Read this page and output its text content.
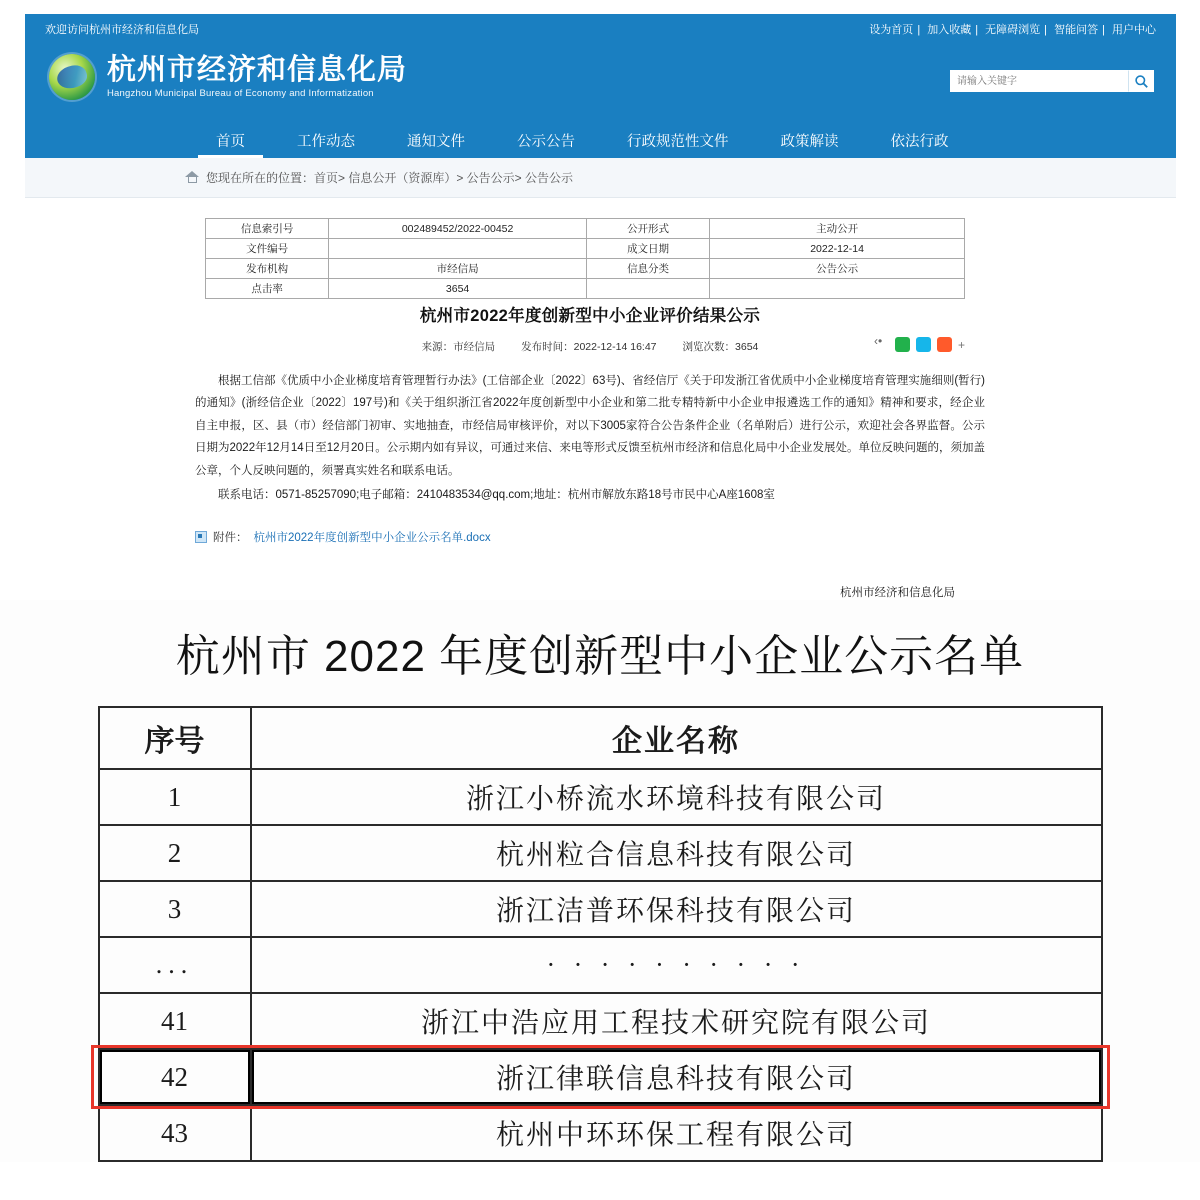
欢迎访问杭州市经济和信息化局	设为首页 | 加入收藏 | 无障碍浏览 | 智能问答 | 用户中心
杭州市经济和信息化局
Hangzhou Municipal Bureau of Economy and Informatization
请输入关键字
首页	工作动态	通知文件	公示公告	行政规范性文件	政策解读	依法行政
您现在所在的位置：首页> 信息公开（资源库）> 公告公示> 公告公示
信息索引号	002489452/2022-00452	公开形式	主动公开
文件编号		成文日期	2022-12-14
发布机构	市经信局	信息分类	公告公示
点击率	3654		
杭州市2022年度创新型中小企业评价结果公示
来源：市经信局 发布时间：2022-12-14 16:47 浏览次数：3654 ‹•	+

根据工信部《优质中小企业梯度培育管理暂行办法》(工信部企业〔2022〕63号)、省经信厅《关于印发浙江省优质中小企业梯度培育管理实施细则(暂行)的通知》(浙经信企业〔2022〕197号)和《关于组织浙江省2022年度创新型中小企业和第二批专精特新中小企业申报遴选工作的通知》精神和要求，经企业自主申报，区、县（市）经信部门初审、实地抽查，市经信局审核评价，对以下3005家符合公告条件企业（名单附后）进行公示，欢迎社会各界监督。公示日期为2022年12月14日至12月20日。公示期内如有异议，可通过来信、来电等形式反馈至杭州市经济和信息化局中小企业发展处。单位反映问题的，须加盖公章，个人反映问题的，须署真实姓名和联系电话。

联系电话：0571-85257090;电子邮箱：2410483534@qq.com;地址：杭州市解放东路18号市民中心A座1608室

附件： 杭州市2022年度创新型中小企业公示名单.docx
杭州市经济和信息化局
杭州市 2022 年度创新型中小企业公示名单
序号	企业名称
1	浙江小桥流水环境科技有限公司
2	杭州粒合信息科技有限公司
3	浙江洁普环保科技有限公司
...	· · · · · · · · · ·
41	浙江中浩应用工程技术研究院有限公司
42	浙江律联信息科技有限公司
43	杭州中环环保工程有限公司
